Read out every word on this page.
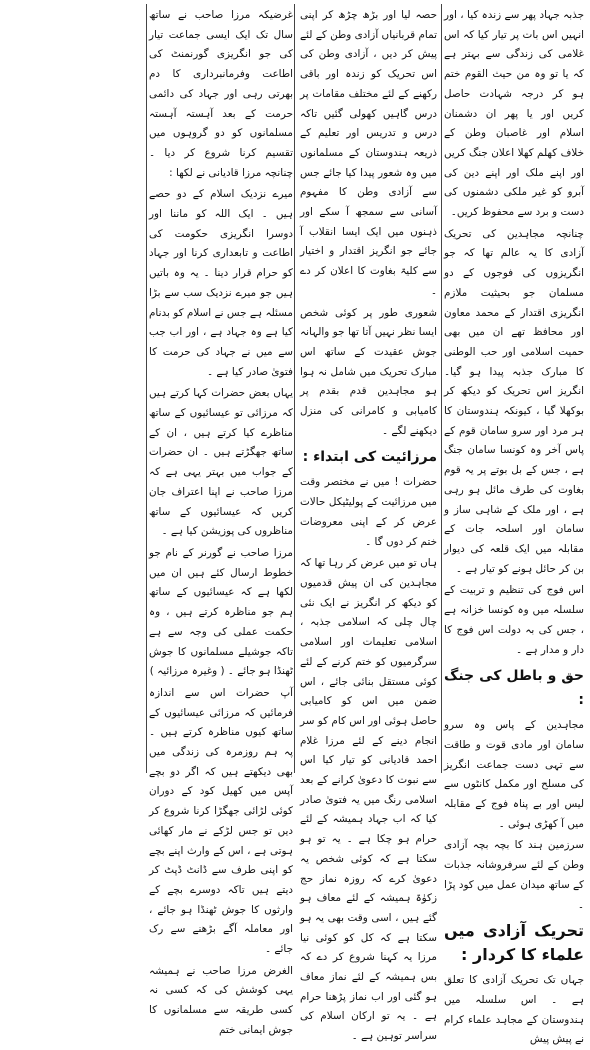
جذبہ جہاد پھر سے زندہ کیا ، اور انہیں اس بات پر تیار کیا کہ اس غلامی کی زندگی سے بہتر ہے کہ یا تو وہ من حیث القوم ختم ہو کر درجہ شہادت حاصل کریں اور یا پھر ان دشمنان اسلام اور غاصبان وطن کے خلاف کھلم کھلا اعلان جنگ کریں اور اپنے ملک اور اپنے دین کی آبرو کو غیر ملکی دشمنوں کی دست و برد سے محفوظ کریں۔

چنانچہ مجاہدین کی تحریک آزادی کا یہ عالم تھا کہ جو انگریزوں کی فوجوں کے دو مسلمان جو بحیثیت ملازم انگریزی اقتدار کے محمد معاون اور محافظ تھے ان میں بھی حمیت اسلامی اور حب الوطنی کا مبارک جذبہ پیدا ہو گیا۔ انگریز اس تحریک کو دیکھ کر بوکھلا گیا ، کیونکہ ہندوستان کا ہر مرد اور سرو سامان قوم کے پاس آخر وہ کونسا سامان جنگ ہے ، جس کے بل بوتے پر یہ قوم بغاوت کی طرف مائل ہو رہی ہے ، اور ملک کے شاہی ساز و سامان اور اسلحہ جات کے مقابلہ میں ایک قلعہ کی دیوار بن کر حائل ہونے کو تیار ہے ۔

اس فوج کی تنظیم و تربیت کے سلسلہ میں وہ کونسا خزانہ ہے ، جس کی بہ دولت اس فوج کا دار و مدار ہے ۔

حق و باطل کی جنگ :

مجاہدین کے پاس وہ سرو سامان اور مادی قوت و طاقت سے تہی دست جماعت انگریز کی مسلح اور مکمل کانٹوں سے لیس اور بے پناہ فوج کے مقابلہ میں آ کھڑی ہوئی ۔

سرزمین ہند کا بچہ بچہ آزادی وطن کے لئے سرفروشانہ جذبات کے ساتھ میدان عمل میں کود پڑا ۔

تحریک آزادی میں علماء کا کردار :

جہاں تک تحریک آزادی کا تعلق ہے ۔ اس سلسلہ میں ہندوستان کے مجاہد علماء کرام نے پیش پیش

حصہ لیا اور بڑھ چڑھ کر اپنی تمام قربانیاں آزادی وطن کے لئے پیش کر دیں ، آزادی وطن کی اس تحریک کو زندہ اور باقی رکھنے کے لئے مختلف مقامات پر درس گاہیں کھولی گئیں تاکہ درس و تدریس اور تعلیم کے ذریعہ ہندوستان کے مسلمانوں میں وہ شعور پیدا کیا جائے جس سے آزادی وطن کا مفہوم آسانی سے سمجھ آ سکے اور ذہنوں میں ایک ایسا انقلاب آ جائے جو انگریز اقتدار و اختیار سے کلیۃ بغاوت کا اعلان کر دے ۔

شعوری طور پر کوئی شخص ایسا نظر نہیں آتا تھا جو والہانہ جوش عقیدت کے ساتھ اس مبارک تحریک میں شامل نہ ہوا ہو مجاہدین قدم بقدم پر کامیابی و کامرانی کی منزل دیکھنے لگے ۔

مرزائیت کی ابتداء :

حضرات ! میں نے مختصر وقت میں مرزائیت کے پولیٹیکل حالات عرض کر کے اپنی معروضات ختم کر دوں گا ۔

ہاں تو میں عرض کر رہا تھا کہ مجاہدین کی ان پیش قدمیوں کو دیکھ کر انگریز نے ایک نئی چال چلی کہ اسلامی جذبہ ، اسلامی تعلیمات اور اسلامی سرگرمیوں کو ختم کرنے کے لئے کوئی مستقل بنائی جائے ، اس ضمن میں اس کو کامیابی حاصل ہوئی اور اس کام کو سر انجام دینے کے لئے مرزا غلام احمد قادیانی کو تیار کیا اس سے نبوت کا دعویٰ کرانے کے بعد اسلامی رنگ میں یہ فتویٰ صادر کیا کہ اب جہاد ہمیشہ کے لئے حرام ہو چکا ہے ۔ یہ تو ہو سکتا ہے کہ کوئی شخص یہ دعویٰ کرے کہ روزہ نماز حج زکوٰۃ ہمیشہ کے لئے معاف ہو گئے ہیں ، اسی وقت بھی یہ ہو سکتا ہے کہ کل کو کوئی نیا مرزا یہ کہنا شروع کر دے کہ بس ہمیشہ کے لئے نماز معاف ہو گئی اور اب نماز پڑھنا حرام ہے ۔ یہ تو ارکان اسلام کی سراسر توہین ہے ۔

غرضیکہ مرزا صاحب نے ساتھ سال تک ایک ایسی جماعت تیار کی جو انگریزی گورنمنٹ کی اطاعت وفرمانبرداری کا دم بھرتی رہی اور جہاد کی دائمی حرمت کے بعد آہستہ آہستہ مسلمانوں کو دو گروہوں میں تقسیم کرنا شروع کر دیا ۔ چنانچہ مرزا قادیانی نے لکھا :

میرے نزدیک اسلام کے دو حصے ہیں ۔ ایک اللہ کو ماننا اور دوسرا انگریزی حکومت کی اطاعت و تابعداری کرنا اور جہاد کو حرام قرار دینا ۔ یہ وہ باتیں ہیں جو میرے نزدیک سب سے بڑا مسئلہ ہے جس نے اسلام کو بدنام کیا ہے وہ جہاد ہے ، اور اب جب سے میں نے جہاد کی حرمت کا فتویٰ صادر کیا ہے ۔

یہاں بعض حضرات کہا کرتے ہیں کہ مرزائی تو عیسائیوں کے ساتھ مناظرے کیا کرتے ہیں ، ان کے ساتھ جھگڑتے ہیں ۔ ان حضرات کے جواب میں بہتر یہی ہے کہ مرزا صاحب نے اپنا اعتراف جان کریں کہ عیسائیوں کے ساتھ مناظروں کی پوزیشن کیا ہے ۔

مرزا صاحب نے گورنر کے نام جو خطوط ارسال کئے ہیں ان میں لکھا ہے کہ عیسائیوں کے ساتھ ہم جو مناظرہ کرتے ہیں ، وہ حکمت عملی کی وجہ سے ہے تاکہ جوشیلے مسلمانوں کا جوش ٹھنڈا ہو جائے ۔ ( وغیرہ مرزائیہ )

آپ حضرات اس سے اندازہ فرمائیں کہ مرزائی عیسائیوں کے ساتھ کیوں مناظرہ کرتے ہیں ۔ پہ ہم روزمرہ کی زندگی میں بھی دیکھتے ہیں کہ اگر دو بچے آپس میں کھیل کود کے دوران کوئی لڑائی جھگڑا کرنا شروع کر دیں تو جس لڑکے نے مار کھائی ہوتی ہے ، اس کے وارث اپنے بچے کو اپنی طرف سے ڈانٹ ڈپٹ کر دیتے ہیں تاکہ دوسرے بچے کے وارثوں کا جوش ٹھنڈا ہو جائے ، اور معاملہ آگے بڑھنے سے رک جائے ۔

الغرض مرزا صاحب نے ہمیشہ یہی کوشش کی کہ کسی نہ کسی طریقہ سے مسلمانوں کا جوش ایمانی ختم
